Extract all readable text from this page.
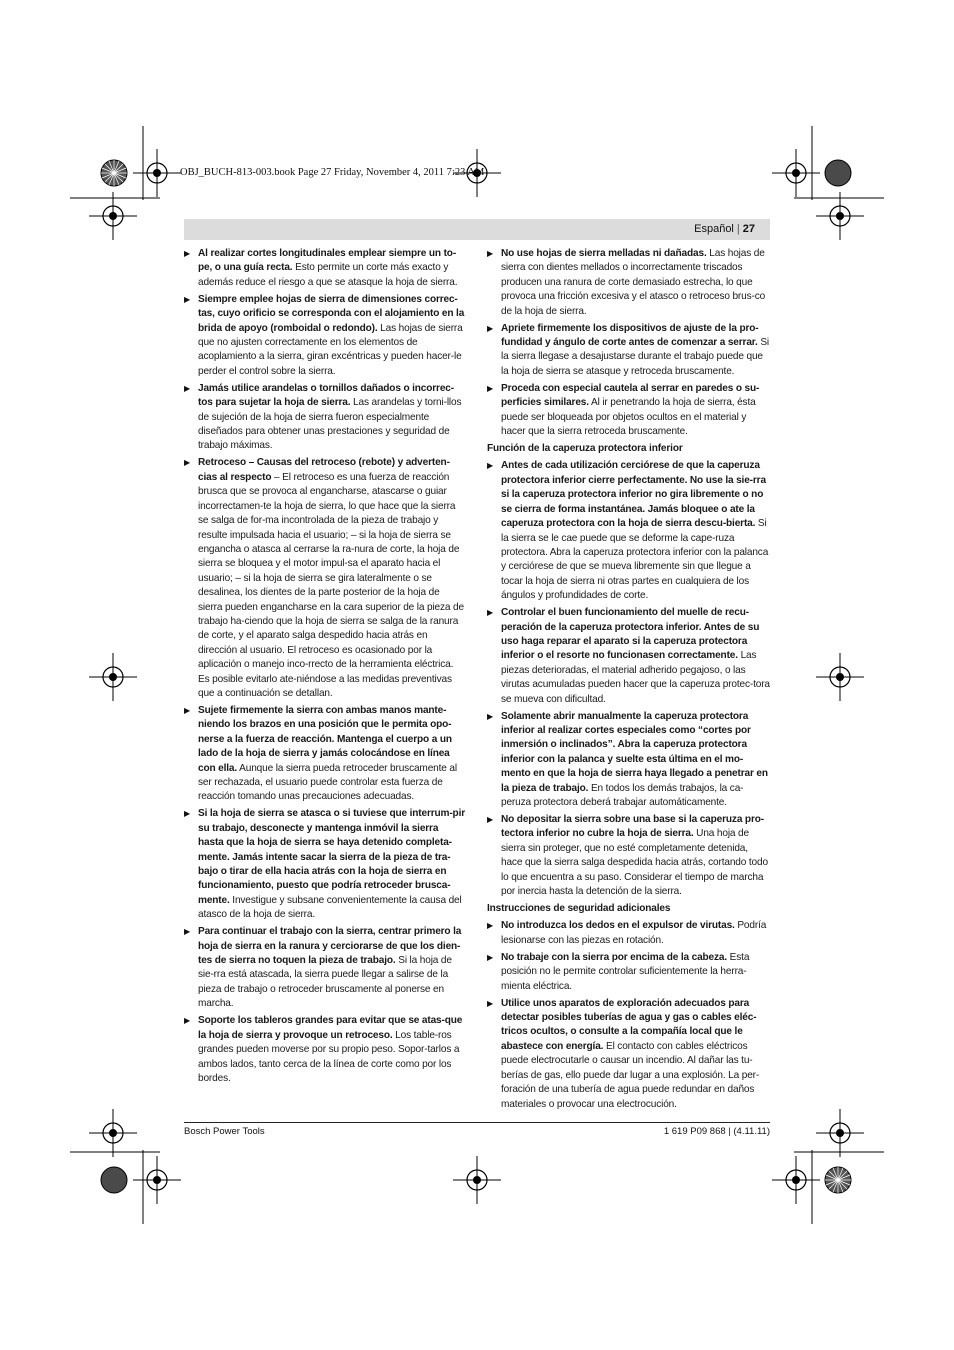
OBJ_BUCH-813-003.book Page 27 Friday, November 4, 2011 7:23 AM
Español | 27
▶ Al realizar cortes longitudinales emplear siempre un to-pe, o una guía recta. Esto permite un corte más exacto y además reduce el riesgo a que se atasque la hoja de sierra.
▶ Siempre emplee hojas de sierra de dimensiones correc-tas, cuyo orificio se corresponda con el alojamiento en la brida de apoyo (romboidal o redondo). Las hojas de sierra que no ajusten correctamente en los elementos de acoplamiento a la sierra, giran excéntricas y pueden hacer-le perder el control sobre la sierra.
▶ Jamás utilice arandelas o tornillos dañados o incorrec-tos para sujetar la hoja de sierra. Las arandelas y torni-llos de sujeción de la hoja de sierra fueron especialmente diseñados para obtener unas prestaciones y seguridad de trabajo máximas.
▶ Retroceso – Causas del retroceso (rebote) y adverten-cias al respecto – El retroceso es una fuerza de reacción brusca que se provoca al engancharse, atascarse o guiar incorrectamen-te la hoja de sierra, lo que hace que la sierra se salga de for-ma incontrolada de la pieza de trabajo y resulte impulsada hacia el usuario; – si la hoja de sierra se engancha o atasca al cerrarse la ra-nura de corte, la hoja de sierra se bloquea y el motor impul-sa el aparato hacia el usuario; – si la hoja de sierra se gira lateralmente o se desalinea, los dientes de la parte posterior de la hoja de sierra pueden engancharse en la cara superior de la pieza de trabajo ha-ciendo que la hoja de sierra se salga de la ranura de corte, y el aparato salga despedido hacia atrás en dirección al usuario. El retroceso es ocasionado por la aplicación o manejo inco-rrecto de la herramienta eléctrica. Es posible evitarlo ate-niéndose a las medidas preventivas que a continuación se detallan.
▶ Sujete firmemente la sierra con ambas manos mante-niendo los brazos en una posición que le permita opo-nerse a la fuerza de reacción. Mantenga el cuerpo a un lado de la hoja de sierra y jamás colocándose en línea con ella. Aunque la sierra pueda retroceder bruscamente al ser rechazada, el usuario puede controlar esta fuerza de reacción tomando unas precauciones adecuadas.
▶ Si la hoja de sierra se atasca o si tuviese que interrum-pir su trabajo, desconecte y mantenga inmóvil la sierra hasta que la hoja de sierra se haya detenido completa-mente. Jamás intente sacar la sierra de la pieza de tra-bajo o tirar de ella hacia atrás con la hoja de sierra en funcionamiento, puesto que podría retroceder brusca-mente. Investigue y subsane convenientemente la causa del atasco de la hoja de sierra.
▶ Para continuar el trabajo con la sierra, centrar primero la hoja de sierra en la ranura y cerciorarse de que los dien-tes de sierra no toquen la pieza de trabajo. Si la hoja de sie-rra está atascada, la sierra puede llegar a salirse de la pieza de trabajo o retroceder bruscamente al ponerse en marcha.
▶ Soporte los tableros grandes para evitar que se atas-que la hoja de sierra y provoque un retroceso. Los table-ros grandes pueden moverse por su propio peso. Sopor-tarlos a ambos lados, tanto cerca de la línea de corte como por los bordes.
▶ No use hojas de sierra melladas ni dañadas. Las hojas de sierra con dientes mellados o incorrectamente triscados producen una ranura de corte demasiado estrecha, lo que provoca una fricción excesiva y el atasco o retroceso brus-co de la hoja de sierra.
▶ Apriete firmemente los dispositivos de ajuste de la pro-fundidad y ángulo de corte antes de comenzar a serrar. Si la sierra llegase a desajustarse durante el trabajo puede que la hoja de sierra se atasque y retroceda bruscamente.
▶ Proceda con especial cautela al serrar en paredes o su-perficies similares. Al ir penetrando la hoja de sierra, ésta puede ser bloqueada por objetos ocultos en el material y hacer que la sierra retroceda bruscamente.
Función de la caperuza protectora inferior
▶ Antes de cada utilización cerciórese de que la caperuza protectora inferior cierre perfectamente. No use la sie-rra si la caperuza protectora inferior no gira libremente o no se cierra de forma instantánea. Jamás bloquee o ate la caperuza protectora con la hoja de sierra descu-bierta. Si la sierra se le cae puede que se deforme la cape-ruza protectora. Abra la caperuza protectora inferior con la palanca y cerciórese de que se mueva libremente sin que llegue a tocar la hoja de sierra ni otras partes en cualquiera de los ángulos y profundidades de corte.
▶ Controlar el buen funcionamiento del muelle de recu-peración de la caperuza protectora inferior. Antes de su uso haga reparar el aparato si la caperuza protectora inferior o el resorte no funcionasen correctamente. Las piezas deterioradas, el material adherido pegajoso, o las virutas acumuladas pueden hacer que la caperuza protec-tora se mueva con dificultad.
▶ Solamente abrir manualmente la caperuza protectora inferior al realizar cortes especiales como “cortes por inmersión o inclinados”. Abra la caperuza protectora inferior con la palanca y suelte esta última en el mo-mento en que la hoja de sierra haya llegado a penetrar en la pieza de trabajo. En todos los demás trabajos, la ca-peruza protectora deberá trabajar automáticamente.
▶ No depositar la sierra sobre una base si la caperuza pro-tectora inferior no cubre la hoja de sierra. Una hoja de sierra sin proteger, que no esté completamente detenida, hace que la sierra salga despedida hacia atrás, cortando todo lo que encuentra a su paso. Considerar el tiempo de marcha por inercia hasta la detención de la sierra.
Instrucciones de seguridad adicionales
▶ No introduzca los dedos en el expulsor de virutas. Podría lesionarse con las piezas en rotación.
▶ No trabaje con la sierra por encima de la cabeza. Esta posición no le permite controlar suficientemente la herra-mienta eléctrica.
▶ Utilice unos aparatos de exploración adecuados para detectar posibles tuberías de agua y gas o cables eléc-tricos ocultos, o consulte a la compañía local que le abastece con energía. El contacto con cables eléctricos puede electrocutarle o causar un incendio. Al dañar las tu-berías de gas, ello puede dar lugar a una explosión. La per-foración de una tubería de agua puede redundar en daños materiales o provocar una electrocución.
Bosch Power Tools	1 619 P09 868 | (4.11.11)
